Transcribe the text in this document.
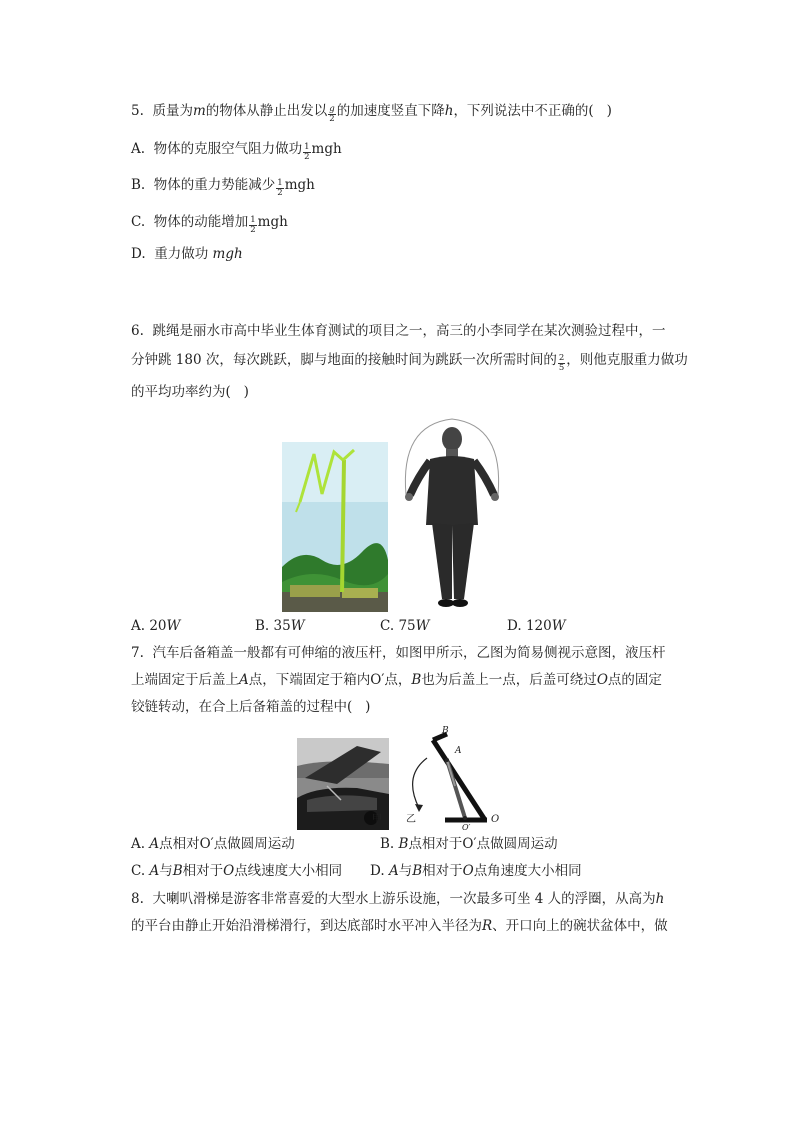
5.  质量为m的物体从静止出发以 $\frac{g}{2}$ 的加速度竖直下降h，下列说法中不正确的(   )
A.  物体的克服空气阻力做功 $\frac{1}{2}$ mgh
B.  物体的重力势能减少 $\frac{1}{2}$ mgh
C.  物体的动能增加 $\frac{1}{2}$ mgh
D.  重力做功 mgh
6.  跳绳是丽水市高中毕业生体育测试的项目之一，高三的小李同学在某次测验过程中，一
分钟跳 180 次，每次跳跃，脚与地面的接触时间为跳跃一次所需时间的 $\frac{2}{5}$ ，则他克服重力做功
的平均功率约为(   )
A. 20W	B. 35W	C. 75W	D. 120W
7.  汽车后备箱盖一般都有可伸缩的液压杆，如图甲所示，乙图为简易侧视示意图，液压杆
上端固定于后盖上A点，下端固定于箱内O′点，B也为后盖上一点，后盖可绕过O点的固定
铰链转动，在合上后备箱盖的过程中(   )
甲
B
A
O
O′
乙
A. A点相对O′点做圆周运动	B. B点相对于O′点做圆周运动
C. A与B相对于O点线速度大小相同 D. A与B相对于O点角速度大小相同
8.  大喇叭滑梯是游客非常喜爱的大型水上游乐设施，一次最多可坐 4 人的浮圈，从高为h
的平台由静止开始沿滑梯滑行，到达底部时水平冲入半径为R、开口向上的碗状盆体中，做
